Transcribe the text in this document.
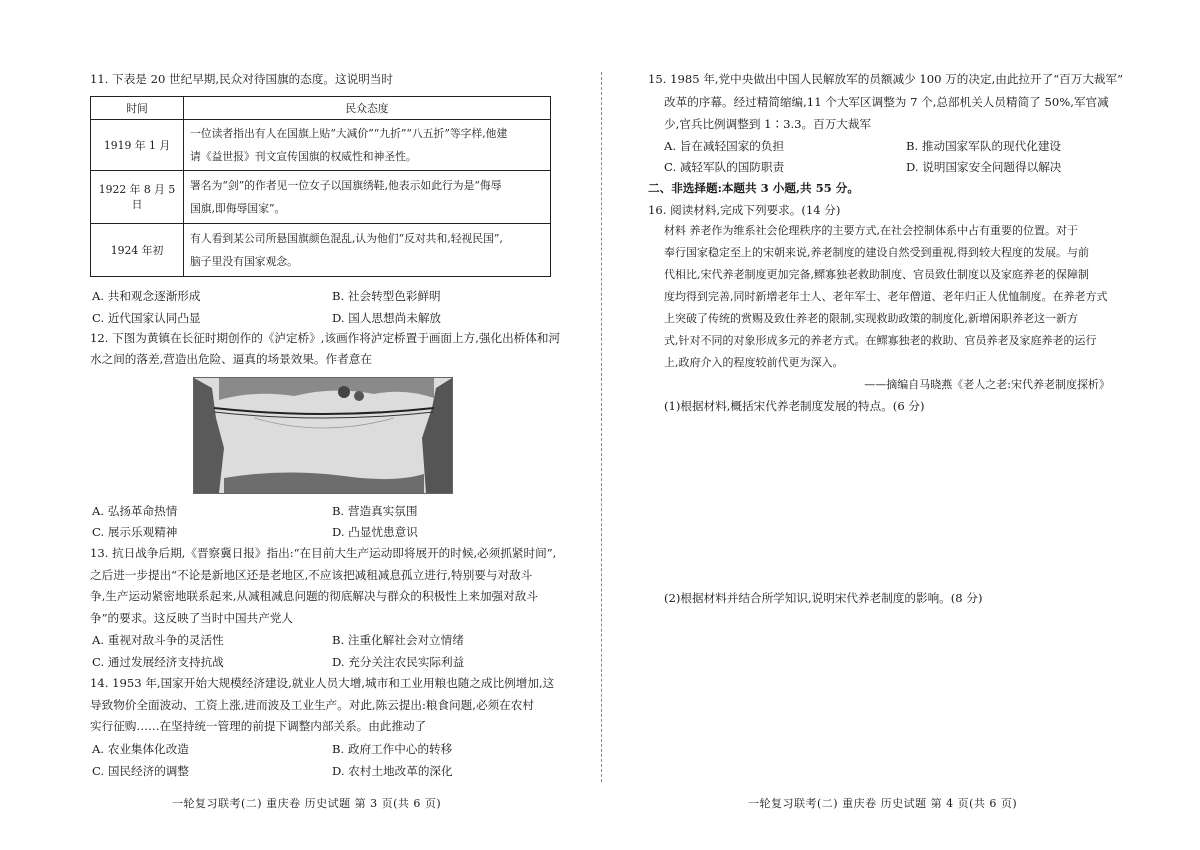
11. 下表是 20 世纪早期,民众对待国旗的态度。这说明当时
时间	民众态度
1919 年 1 月	一位读者指出有人在国旗上贴“大减价”“九折”“八五折”等字样,他建
请《益世报》刊文宣传国旗的权威性和神圣性。

1922 年 8 月 5 日	署名为“剑”的作者见一位女子以国旗绣鞋,他表示如此行为是“侮辱
国旗,即侮辱国家”。

1924 年初	有人看到某公司所悬国旗颜色混乱,认为他们“反对共和,轻视民国”,
脑子里没有国家观念。
A. 共和观念逐渐形成	B. 社会转型色彩鲜明
C. 近代国家认同凸显	D. 国人思想尚未解放
12. 下图为黄镇在长征时期创作的《泸定桥》,该画作将泸定桥置于画面上方,强化出桥体和河
水之间的落差,营造出危险、逼真的场景效果。作者意在
A. 弘扬革命热情	B. 营造真实氛围
C. 展示乐观精神	D. 凸显忧患意识
13. 抗日战争后期,《晋察冀日报》指出:“在目前大生产运动即将展开的时候,必须抓紧时间”,
之后进一步提出“不论是新地区还是老地区,不应该把减租减息孤立进行,特别要与对敌斗
争,生产运动紧密地联系起来,从减租减息问题的彻底解决与群众的积极性上来加强对敌斗
争”的要求。这反映了当时中国共产党人
A. 重视对敌斗争的灵活性	B. 注重化解社会对立情绪
C. 通过发展经济支持抗战	D. 充分关注农民实际利益
14. 1953 年,国家开始大规模经济建设,就业人员大增,城市和工业用粮也随之成比例增加,这
导致物价全面波动、工资上涨,进而波及工业生产。对此,陈云提出:粮食问题,必须在农村
实行征购……在坚持统一管理的前提下调整内部关系。由此推动了
A. 农业集体化改造	B. 政府工作中心的转移
C. 国民经济的调整	D. 农村土地改革的深化
一轮复习联考(二) 重庆卷 历史试题 第 3 页(共 6 页)
15. 1985 年,党中央做出中国人民解放军的员额减少 100 万的决定,由此拉开了“百万大裁军”
改革的序幕。经过精简缩编,11 个大军区调整为 7 个,总部机关人员精简了 50%,军官减
少,官兵比例调整到 1∶3.3。百万大裁军
A. 旨在减轻国家的负担	B. 推动国家军队的现代化建设
C. 减轻军队的国防职责	D. 说明国家安全问题得以解决
二、非选择题:本题共 3 小题,共 55 分。
16. 阅读材料,完成下列要求。(14 分)
材料 养老作为维系社会伦理秩序的主要方式,在社会控制体系中占有重要的位置。对于
奉行国家稳定至上的宋朝来说,养老制度的建设自然受到重视,得到较大程度的发展。与前
代相比,宋代养老制度更加完备,鳏寡独老救助制度、官员致仕制度以及家庭养老的保障制
度均得到完善,同时新增老年士人、老年军士、老年僧道、老年归正人优恤制度。在养老方式
上突破了传统的赏赐及致仕养老的限制,实现救助政策的制度化,新增闲职养老这一新方
式,针对不同的对象形成多元的养老方式。在鳏寡独老的救助、官员养老及家庭养老的运行
上,政府介入的程度较前代更为深入。
——摘编自马晓燕《老人之老:宋代养老制度探析》
(1)根据材料,概括宋代养老制度发展的特点。(6 分)
(2)根据材料并结合所学知识,说明宋代养老制度的影响。(8 分)
一轮复习联考(二) 重庆卷 历史试题 第 4 页(共 6 页)
